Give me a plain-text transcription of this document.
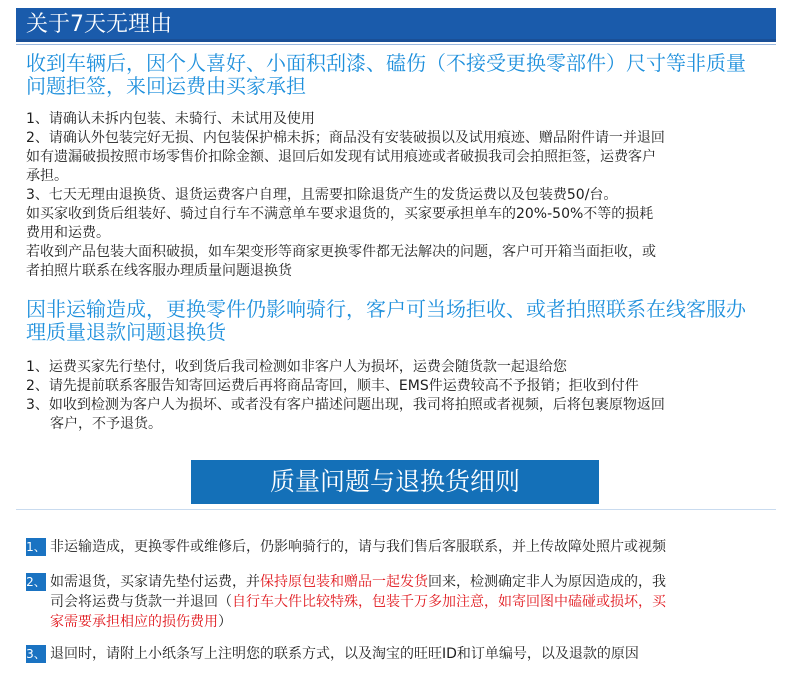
关于7天无理由
收到车辆后，因个人喜好、小面积刮漆、磕伤（不接受更换零部件）尺寸等非质量
问题拒签，来回运费由买家承担

1、请确认未拆内包装、未骑行、未试用及使用

2、请确认外包装完好无损、内包装保护棉未拆；商品没有安装破损以及试用痕迹、赠品附件请一并退回

如有遗漏破损按照市场零售价扣除金额、退回后如发现有试用痕迹或者破损我司会拍照拒签，运费客户

承担。

3、七天无理由退换货、退货运费客户自理，且需要扣除退货产生的发货运费以及包装费50/台。

如买家收到货后组装好、骑过自行车不满意单车要求退货的，买家要承担单车的20%-50%不等的损耗

费用和运费。

若收到产品包装大面积破损，如车架变形等商家更换零件都无法解决的问题，客户可开箱当面拒收，或

者拍照片联系在线客服办理质量问题退换货

因非运输造成，更换零件仍影响骑行，客户可当场拒收、或者拍照联系在线客服办
理质量退款问题退换货

1、运费买家先行垫付，收到货后我司检测如非客户人为损坏，运费会随货款一起退给您

2、请先提前联系客服告知寄回运费后再将商品寄回，顺丰、EMS件运费较高不予报销；拒收到付件

3、如收到检测为客户人为损坏、或者没有客户描述问题出现，我司将拍照或者视频，后将包裹原物返回

客户，不予退货。

质量问题与退换货细则
1、 非运输造成，更换零件或维修后，仍影响骑行的，请与我们售后客服联系，并上传故障处照片或视频
2、 如需退货，买家请先垫付运费，并保持原包装和赠品一起发货回来，检测确定非人为原因造成的，我
司会将运费与货款一并退回（自行车大件比较特殊，包装千万多加注意，如寄回图中磕碰或损坏，买
家需要承担相应的损伤费用）
3、 退回时，请附上小纸条写上注明您的联系方式，以及淘宝的旺旺ID和订单编号，以及退款的原因
